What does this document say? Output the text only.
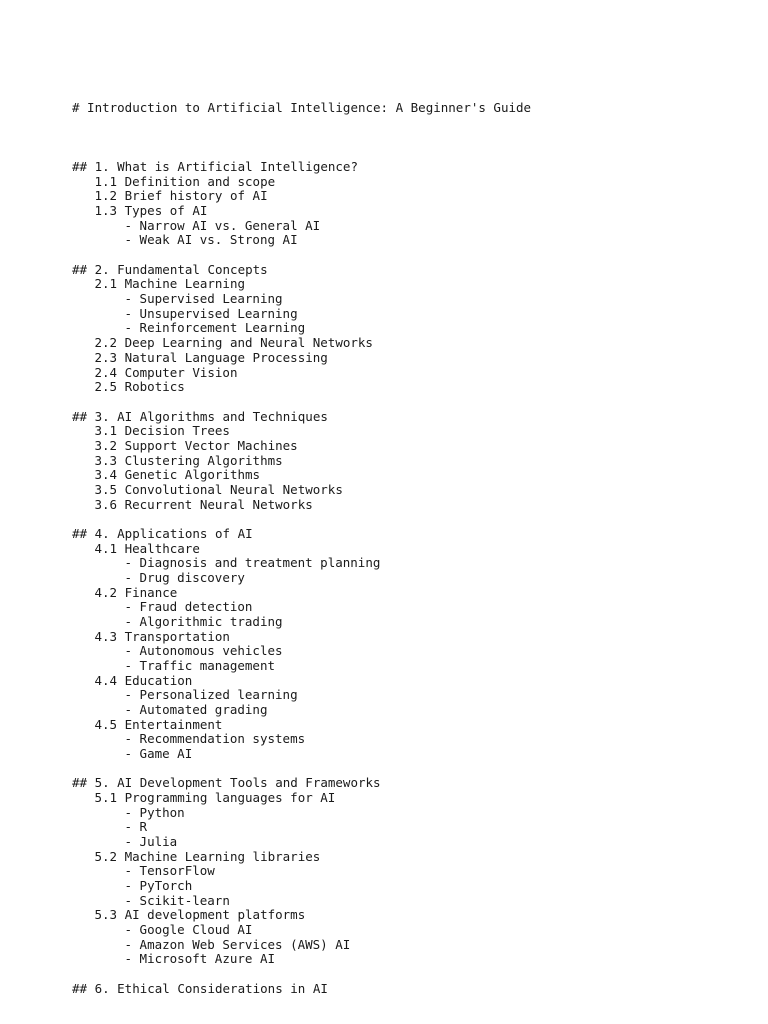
# Introduction to Artificial Intelligence: A Beginner's Guide

## 1. What is Artificial Intelligence?
1.1 Definition and scope
1.2 Brief history of AI
1.3 Types of AI
- Narrow AI vs. General AI
- Weak AI vs. Strong AI
## 2. Fundamental Concepts
2.1 Machine Learning
- Supervised Learning
- Unsupervised Learning
- Reinforcement Learning
2.2 Deep Learning and Neural Networks
2.3 Natural Language Processing
2.4 Computer Vision
2.5 Robotics
## 3. AI Algorithms and Techniques
3.1 Decision Trees
3.2 Support Vector Machines
3.3 Clustering Algorithms
3.4 Genetic Algorithms
3.5 Convolutional Neural Networks
3.6 Recurrent Neural Networks
## 4. Applications of AI
4.1 Healthcare
- Diagnosis and treatment planning
- Drug discovery
4.2 Finance
- Fraud detection
- Algorithmic trading
4.3 Transportation
- Autonomous vehicles
- Traffic management
4.4 Education
- Personalized learning
- Automated grading
4.5 Entertainment
- Recommendation systems
- Game AI
## 5. AI Development Tools and Frameworks
5.1 Programming languages for AI
- Python
- R
- Julia
5.2 Machine Learning libraries
- TensorFlow
- PyTorch
- Scikit-learn
5.3 AI development platforms
- Google Cloud AI
- Amazon Web Services (AWS) AI
- Microsoft Azure AI
## 6. Ethical Considerations in AI
